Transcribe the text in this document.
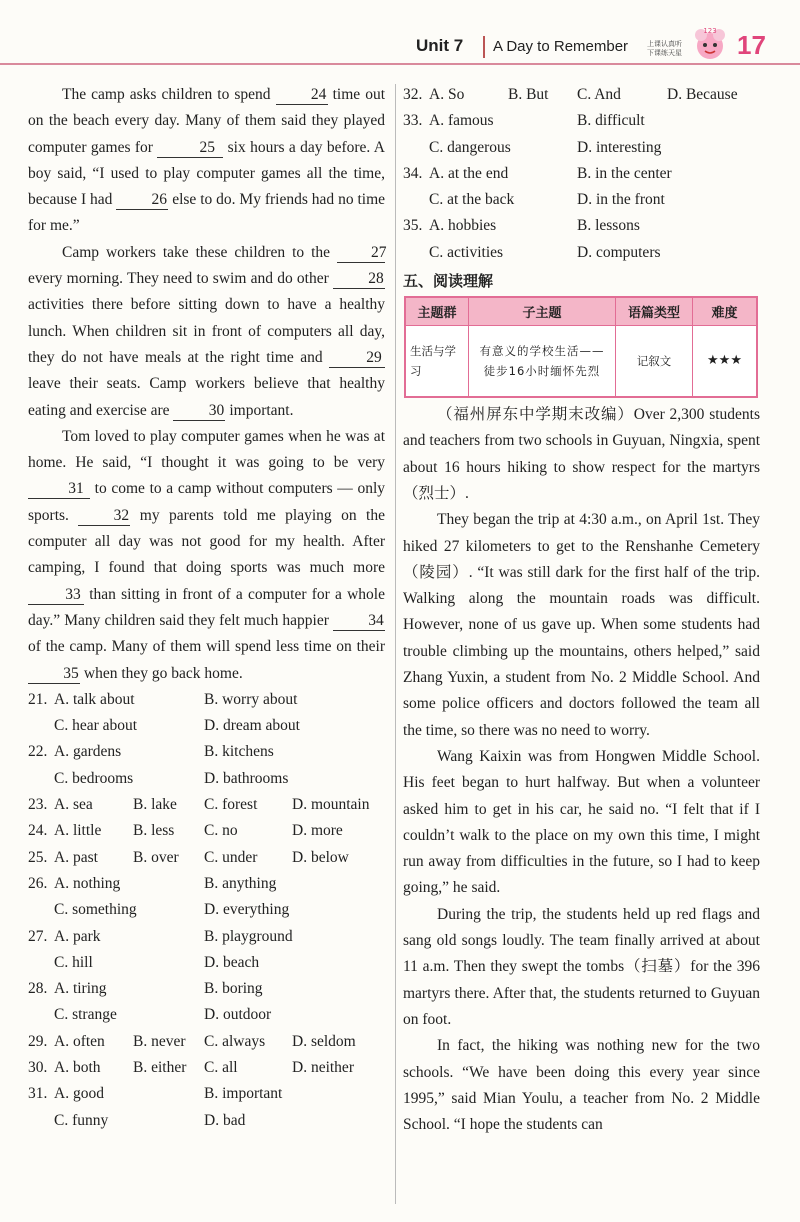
Unit 7 A Day to Remember	上课认真听
下课练天星
123 17

The camp asks children to spend 24 time out on the beach every day. Many of them said they played computer games for	25 six hours a day before. A boy said, “I used to play computer games all the time, because I had 26 else to do. My friends had no time for me.”

Camp workers take these children to the 27 every morning. They need to swim and do other 28 activities there before sitting down to have a healthy lunch. When children sit in front of computers all day, they do not have meals at the right time and 29 leave their seats. Camp workers believe that healthy eating and exercise are 30 important.

Tom loved to play computer games when he was at home. He said, “I thought it was going to be very 31 to come to a camp without computers — only sports. 32 my parents told me playing on the computer all day was not good for my health. After camping, I found that doing sports was much more 33 than sitting in front of a computer for a whole day.” Many children said they felt much happier 34 of the camp. Many of them will spend less time on their 35 when they go back home.

21. A. talk about	B. worry about
C. hear about	D. dream about
22. A. gardens	B. kitchens
C. bedrooms	D. bathrooms
23. A. sea	B. lake C. forest D. mountain
24. A. little B. less C. no	D. more
25. A. past B. over C. under D. below
26. A. nothing	B. anything
C. something	D. everything
27. A. park	B. playground
C. hill	D. beach
28. A. tiring	B. boring
C. strange	D. outdoor
29. A. often B. never C. always D. seldom
30. A. both B. either C. all	D. neither
31. A. good	B. important
C. funny	D. bad
32. A. So	B. But C. And	D. Because
33. A. famous	B. difficult
C. dangerous	D. interesting
34. A. at the end	B. in the center
C. at the back	D. in the front
35. A. hobbies	B. lessons
C. activities	D. computers
五、阅读理解
主题群	子主题	语篇类型	难度
生活与学习	有意义的学校生活——徒步16小时缅怀先烈	记叙文	★★★

（福州屏东中学期末改编）Over 2,300 students and teachers from two schools in Guyuan, Ningxia, spent about 16 hours hiking to show respect for the martyrs（烈士）.

They began the trip at 4:30 a.m., on April 1st. They hiked 27 kilometers to get to the Renshanhe Cemetery（陵园）. “It was still dark for the first half of the trip. Walking along the mountain roads was difficult. However, none of us gave up. When some students had trouble climbing up the mountains, others helped,” said Zhang Yuxin, a student from No. 2 Middle School. And some police officers and doctors followed the team all the time, so there was no need to worry.

Wang Kaixin was from Hongwen Middle School. His feet began to hurt halfway. But when a volunteer asked him to get in his car, he said no. “I felt that if I couldn’t walk to the place on my own this time, I might run away from difficulties in the future, so I had to keep going,” he said.

During the trip, the students held up red flags and sang old songs loudly. The team finally arrived at about 11 a.m. Then they swept the tombs（扫墓）for the 396 martyrs there. After that, the students returned to Guyuan on foot.

In fact, the hiking was nothing new for the two schools. “We have been doing this every year since 1995,” said Mian Youlu, a teacher from No. 2 Middle School. “I hope the students can
